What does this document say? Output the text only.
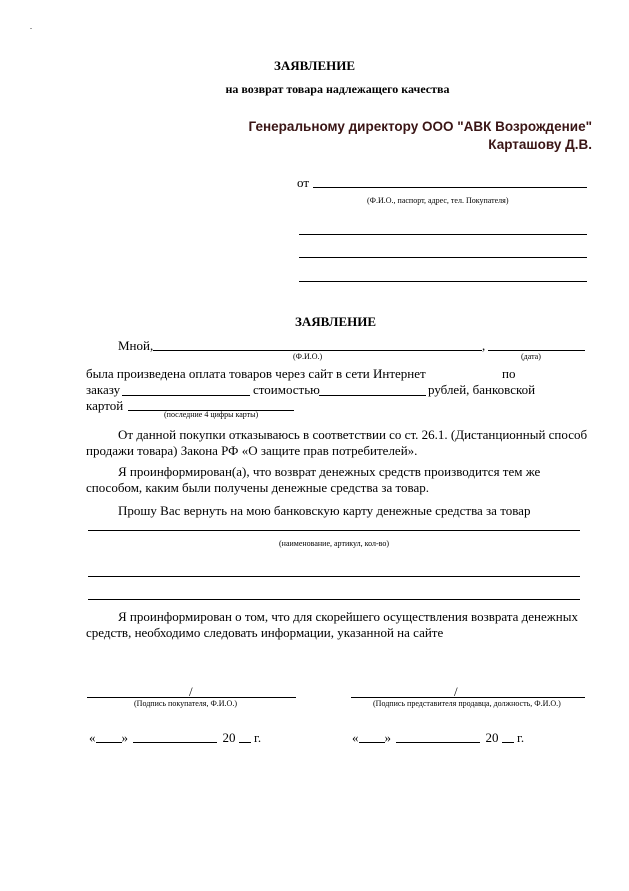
.
ЗАЯВЛЕНИЕ
на возврат товара надлежащего качества
Генеральному директору ООО "АВК Возрождение"
Карташову Д.В.
от
(Ф.И.О., паспорт, адрес, тел. Покупателя)
ЗАЯВЛЕНИЕ
Мной,	,
(Ф.И.О.)	(дата)
была произведена оплата товаров через сайт в сети Интернет	по
заказу	стоимостью	рублей, банковской
картой
(последние 4 цифры карты)
От данной покупки отказываюсь в соответствии со ст. 26.1. (Дистанционный способ
продажи товара) Закона РФ «О защите прав потребителей».
Я проинформирован(а), что возврат денежных средств производится тем же
способом, каким были получены денежные средства за товар.
Прошу Вас вернуть на мою банковскую карту денежные средства за товар
(наименование, артикул, кол-во)
Я проинформирован о том, что для скорейшего осуществления возврата денежных
средств, необходимо следовать информации, указанной на сайте
/
(Подпись покупателя, Ф.И.О.)
/
(Подпись представителя продавца, должность, Ф.И.О.)
« »	20 г.	« »	20 г.
